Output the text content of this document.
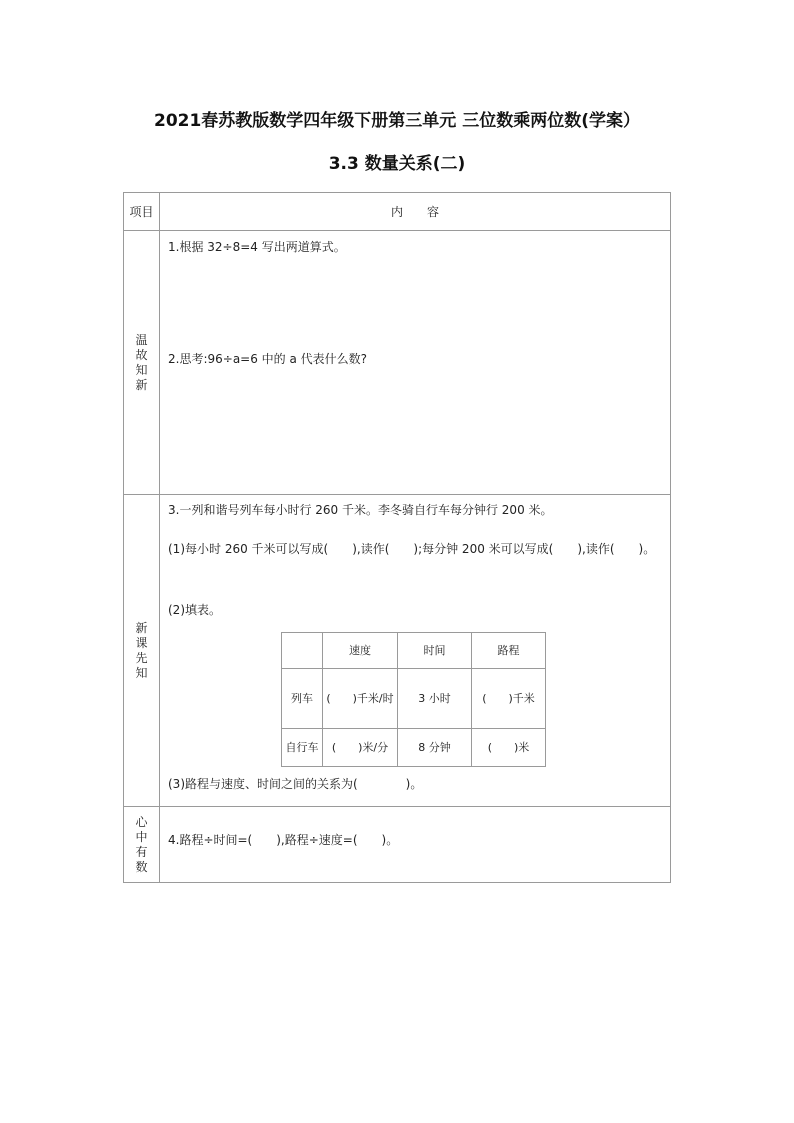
2021春苏教版数学四年级下册第三单元 三位数乘两位数(学案）
3.3 数量关系(二)
项目	内　　容
温故知新	
1.根据 32÷8=4 写出两道算式。
2.思考:96÷a=6 中的 a 代表什么数?

新课先知	
3.一列和谐号列车每小时行 260 千米。李冬骑自行车每分钟行 200 米。
(1)每小时 260 千米可以写成(　　),读作(　　);每分钟 200 米可以写成(　　),读作(　　)。
(2)填表。
	速度	时间	路程
列车	(　　)千米/时	3 小时	(　　)千米
自行车	(　　)米/分	8 分钟	(　　)米
(3)路程与速度、时间之间的关系为(　　　　)。

心中有数	
4.路程÷时间=(　　),路程÷速度=(　　)。
